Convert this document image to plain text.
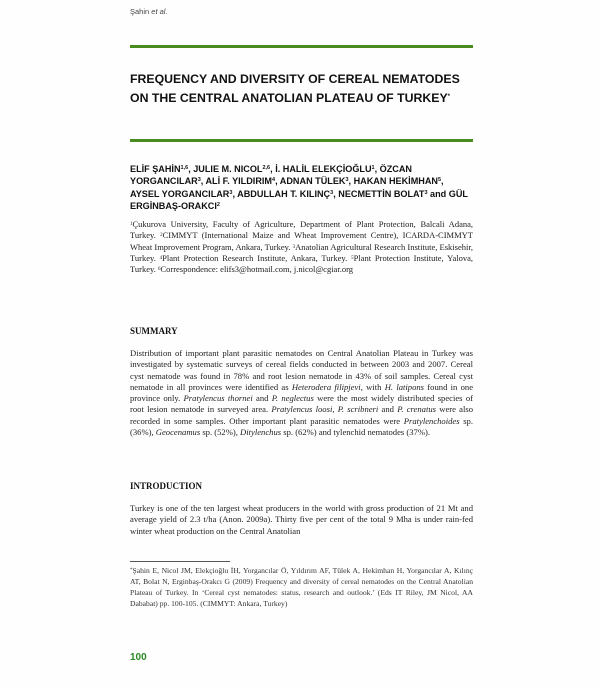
Şahin et al.
FREQUENCY AND DIVERSITY OF CEREAL NEMATODES ON THE CENTRAL ANATOLIAN PLATEAU OF TURKEY*

ELİF ŞAHİN$^{1,6}$, JULIE M. NICOL$^{2,6}$, İ. HALİL ELEKÇİOĞLU$^1$, ÖZCAN YORGANCILAR$^3$, ALİ F. YILDIRIM$^4$, ADNAN TÜLEK$^3$, HAKAN HEKİMHAN$^5$, AYSEL YORGANCILAR$^3$, ABDULLAH T. KILINÇ$^3$, NECMETTİN BOLAT$^3$ and GÜL ERGİNBAŞ-ORAKCI$^2$

$^1$Çukurova University, Faculty of Agriculture, Department of Plant Protection, Balcali Adana, Turkey. $^2$CIMMYT (International Maize and Wheat Improvement Centre), ICARDA-CIMMYT Wheat Improvement Program, Ankara, Turkey. $^3$Anatolian Agricultural Research Institute, Eskisehir, Turkey. $^4$Plant Protection Research Institute, Ankara, Turkey. $^5$Plant Protection Institute, Yalova, Turkey. $^6$Correspondence: elifs3@hotmail.com, j.nicol@cgiar.org

SUMMARY

Distribution of important plant parasitic nematodes on Central Anatolian Plateau in Turkey was investigated by systematic surveys of cereal fields conducted in between 2003 and 2007. Cereal cyst nematode was found in 78% and root lesion nematode in 43% of soil samples. Cereal cyst nematode in all provinces were identified as Heterodera filipjevi, with H. latipons found in one province only. Pratylencus thornei and P. neglectus were the most widely distributed species of root lesion nematode in surveyed area. Pratylencus loosi, P. scribneri and P. crenatus were also recorded in some samples. Other important plant parasitic nematodes were Pratylenchoides sp. (36%), Geocenamus sp. (52%), Ditylenchus sp. (62%) and tylenchid nematodes (37%).

INTRODUCTION

Turkey is one of the ten largest wheat producers in the world with gross production of 21 Mt and average yield of 2.3 t/ha (Anon. 2009a). Thirty five per cent of the total 9 Mha is under rain-fed winter wheat production on the Central Anatolian

*Şahin E, Nicol JM, Elekçioğlu İH, Yorgancılar Ö, Yıldırım AF, Tülek A, Hekimhan H, Yorgancılar A, Kılınç AT, Bolat N, Erginbaş-Orakcı G (2009) Frequency and diversity of cereal nematodes on the Central Anatolian Plateau of Turkey. In ‘Cereal cyst nematodes: status, research and outlook.’ (Eds IT Riley, JM Nicol, AA Dababat) pp. 100-105. (CIMMYT: Ankara, Turkey)

100
